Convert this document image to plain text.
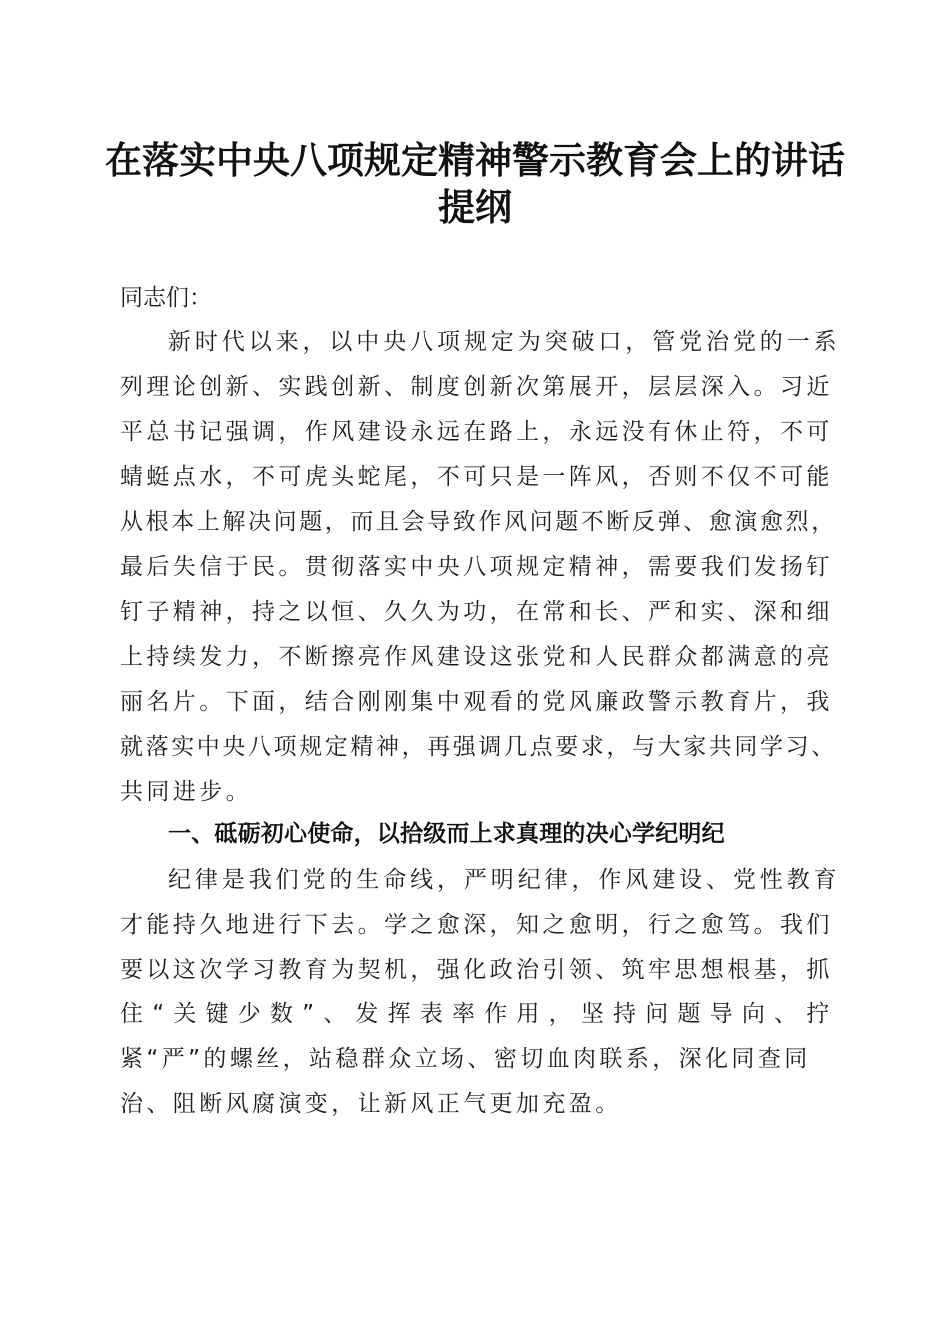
在落实中央八项规定精神警示教育会上的讲话
提纲
同志们：
新时代以来，以中央八项规定为突破口，管党治党的一系
列理论创新、实践创新、制度创新次第展开，层层深入。习近
平总书记强调，作风建设永远在路上，永远没有休止符，不可
蜻蜓点水，不可虎头蛇尾，不可只是一阵风，否则不仅不可能
从根本上解决问题，而且会导致作风问题不断反弹、愈演愈烈，
最后失信于民。贯彻落实中央八项规定精神，需要我们发扬钉
钉子精神，持之以恒、久久为功，在常和长、严和实、深和细
上持续发力，不断擦亮作风建设这张党和人民群众都满意的亮
丽名片。下面，结合刚刚集中观看的党风廉政警示教育片，我
就落实中央八项规定精神，再强调几点要求，与大家共同学习、
共同进步。
一、砥砺初心使命，以拾级而上求真理的决心学纪明纪
纪律是我们党的生命线，严明纪律，作风建设、党性教育
才能持久地进行下去。学之愈深，知之愈明，行之愈笃。我们
要以这次学习教育为契机，强化政治引领、筑牢思想根基，抓
住“关键少数”、发挥表率作用，坚持问题导向、拧
紧“严”的螺丝，站稳群众立场、密切血肉联系，深化同查同
治、阻断风腐演变，让新风正气更加充盈。
